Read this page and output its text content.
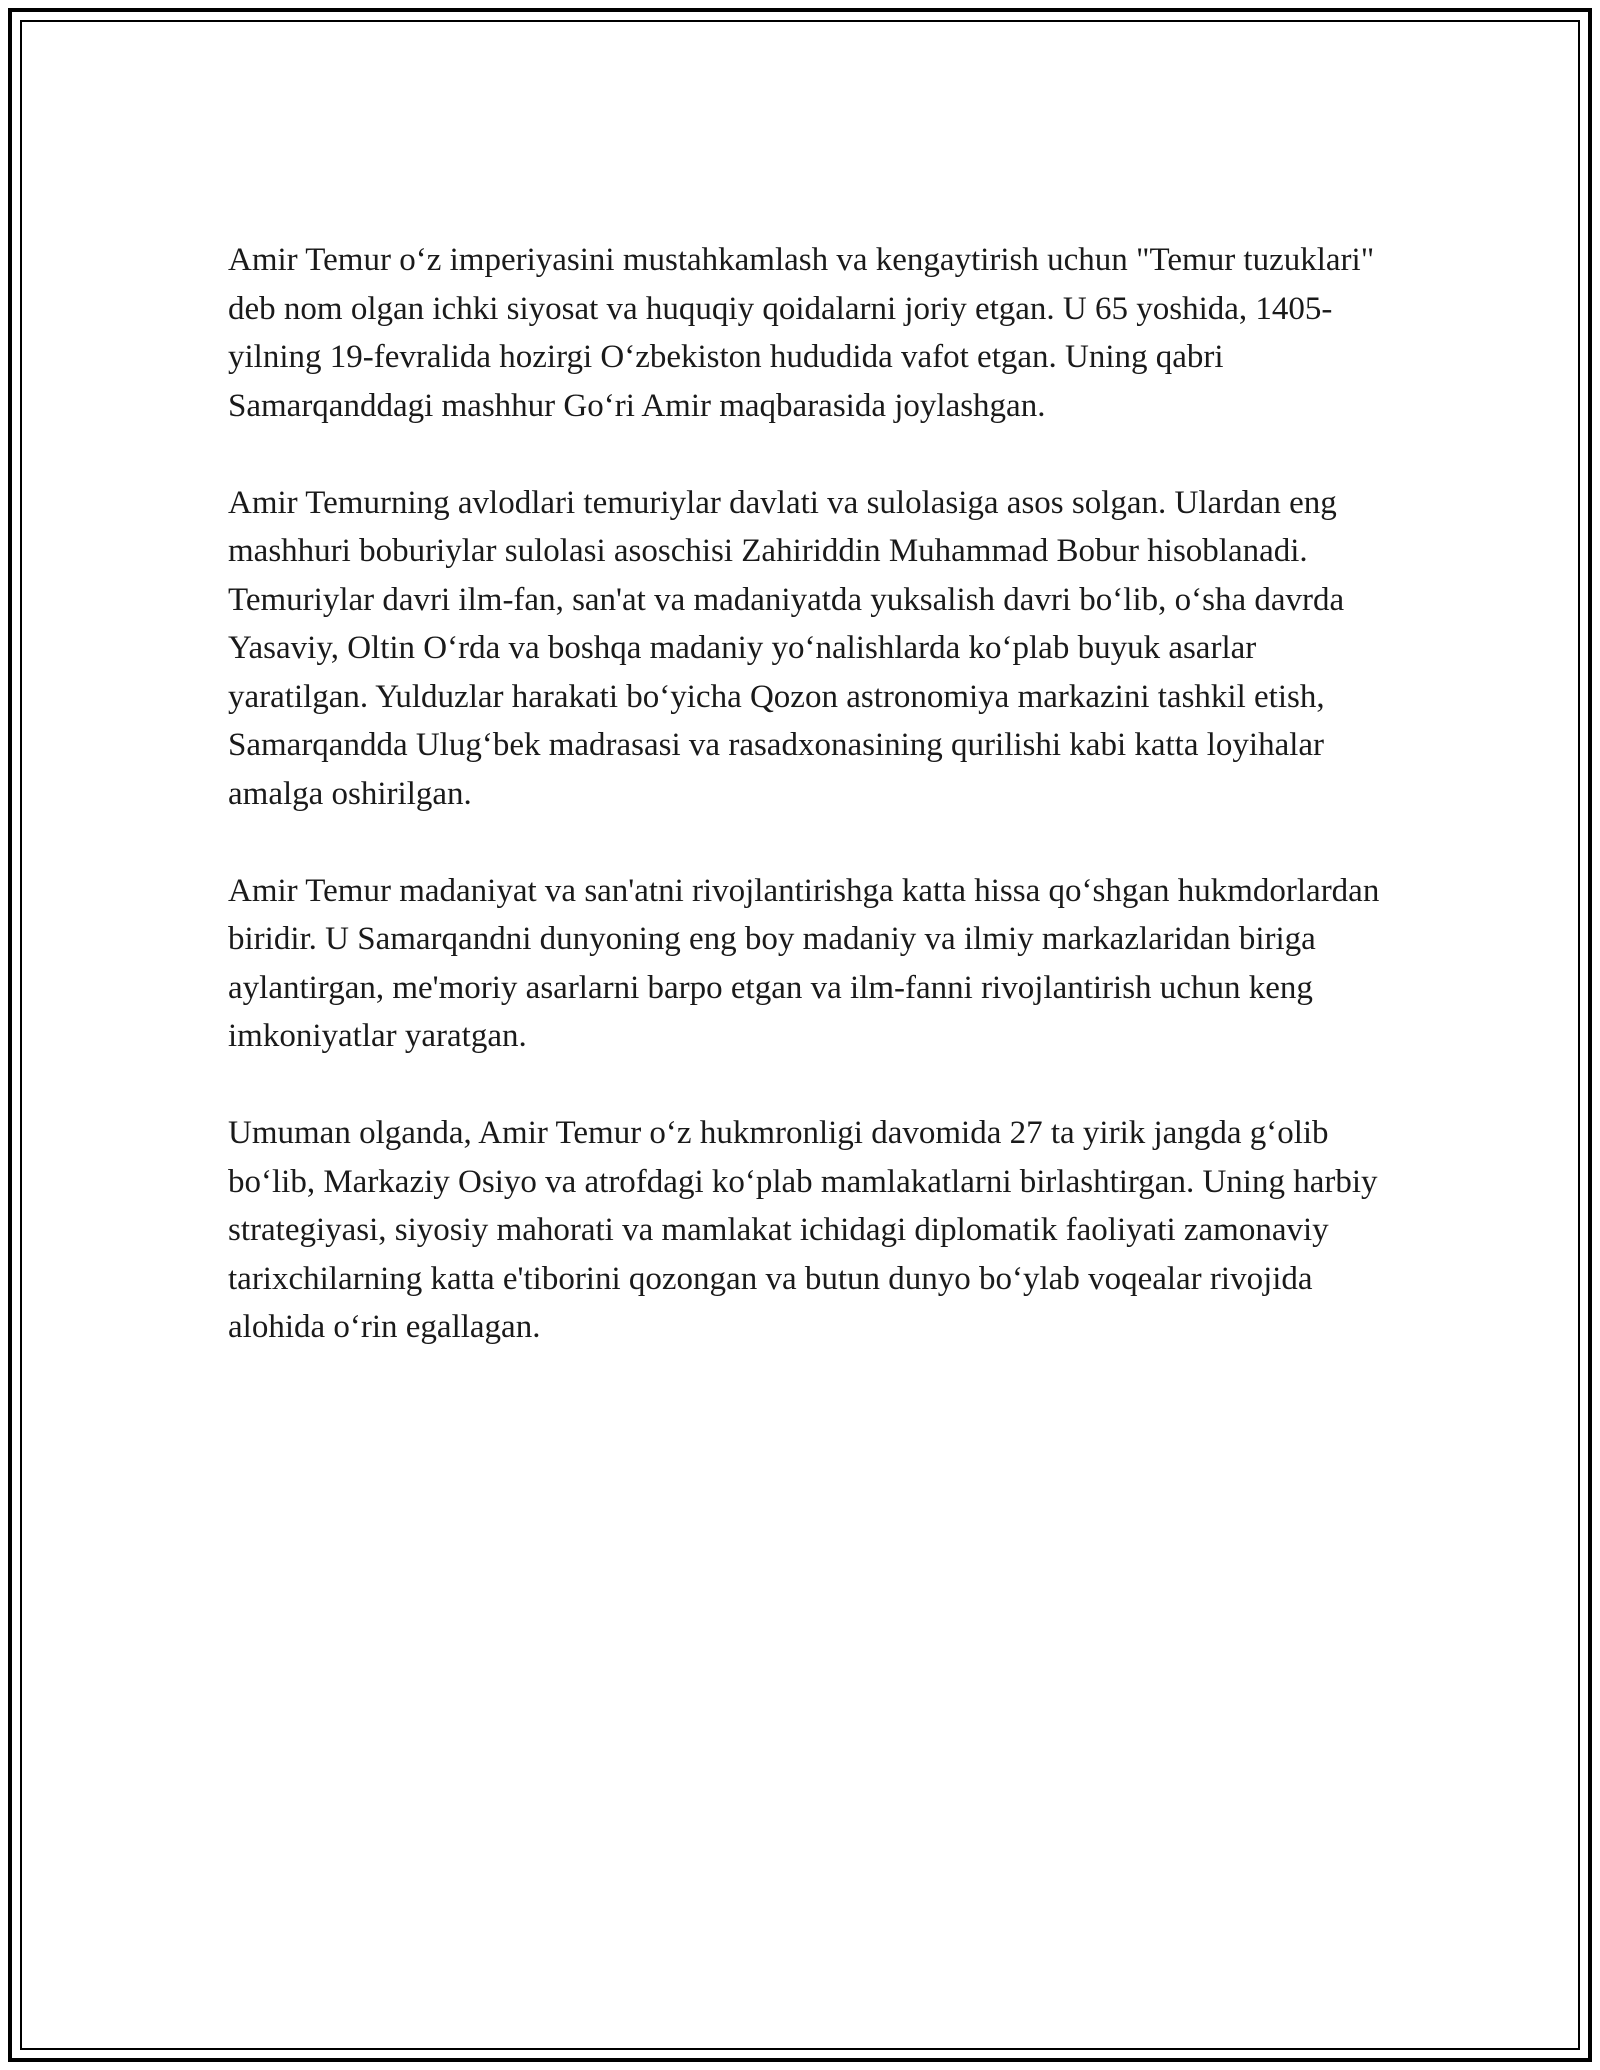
Amir Temur o‘z imperiyasini mustahkamlash va kengaytirish uchun "Temur tuzuklari" deb nom olgan ichki siyosat va huquqiy qoidalarni joriy etgan. U 65 yoshida, 1405-yilning 19-fevralida hozirgi O‘zbekiston hududida vafot etgan. Uning qabri Samarqanddagi mashhur Go‘ri Amir maqbarasida joylashgan.

Amir Temurning avlodlari temuriylar davlati va sulolasiga asos solgan. Ulardan eng mashhuri boburiylar sulolasi asoschisi Zahiriddin Muhammad Bobur hisoblanadi. Temuriylar davri ilm-fan, san'at va madaniyatda yuksalish davri bo‘lib, o‘sha davrda Yasaviy, Oltin O‘rda va boshqa madaniy yo‘nalishlarda ko‘plab buyuk asarlar yaratilgan. Yulduzlar harakati bo‘yicha Qozon astronomiya markazini tashkil etish, Samarqandda Ulug‘bek madrasasi va rasadxonasining qurilishi kabi katta loyihalar amalga oshirilgan.

Amir Temur madaniyat va san'atni rivojlantirishga katta hissa qo‘shgan hukmdorlardan biridir. U Samarqandni dunyoning eng boy madaniy va ilmiy markazlaridan biriga aylantirgan, me'moriy asarlarni barpo etgan va ilm-fanni rivojlantirish uchun keng imkoniyatlar yaratgan.

Umuman olganda, Amir Temur o‘z hukmronligi davomida 27 ta yirik jangda g‘olib bo‘lib, Markaziy Osiyo va atrofdagi ko‘plab mamlakatlarni birlashtirgan. Uning harbiy strategiyasi, siyosiy mahorati va mamlakat ichidagi diplomatik faoliyati zamonaviy tarixchilarning katta e'tiborini qozongan va butun dunyo bo‘ylab voqealar rivojida alohida o‘rin egallagan.
